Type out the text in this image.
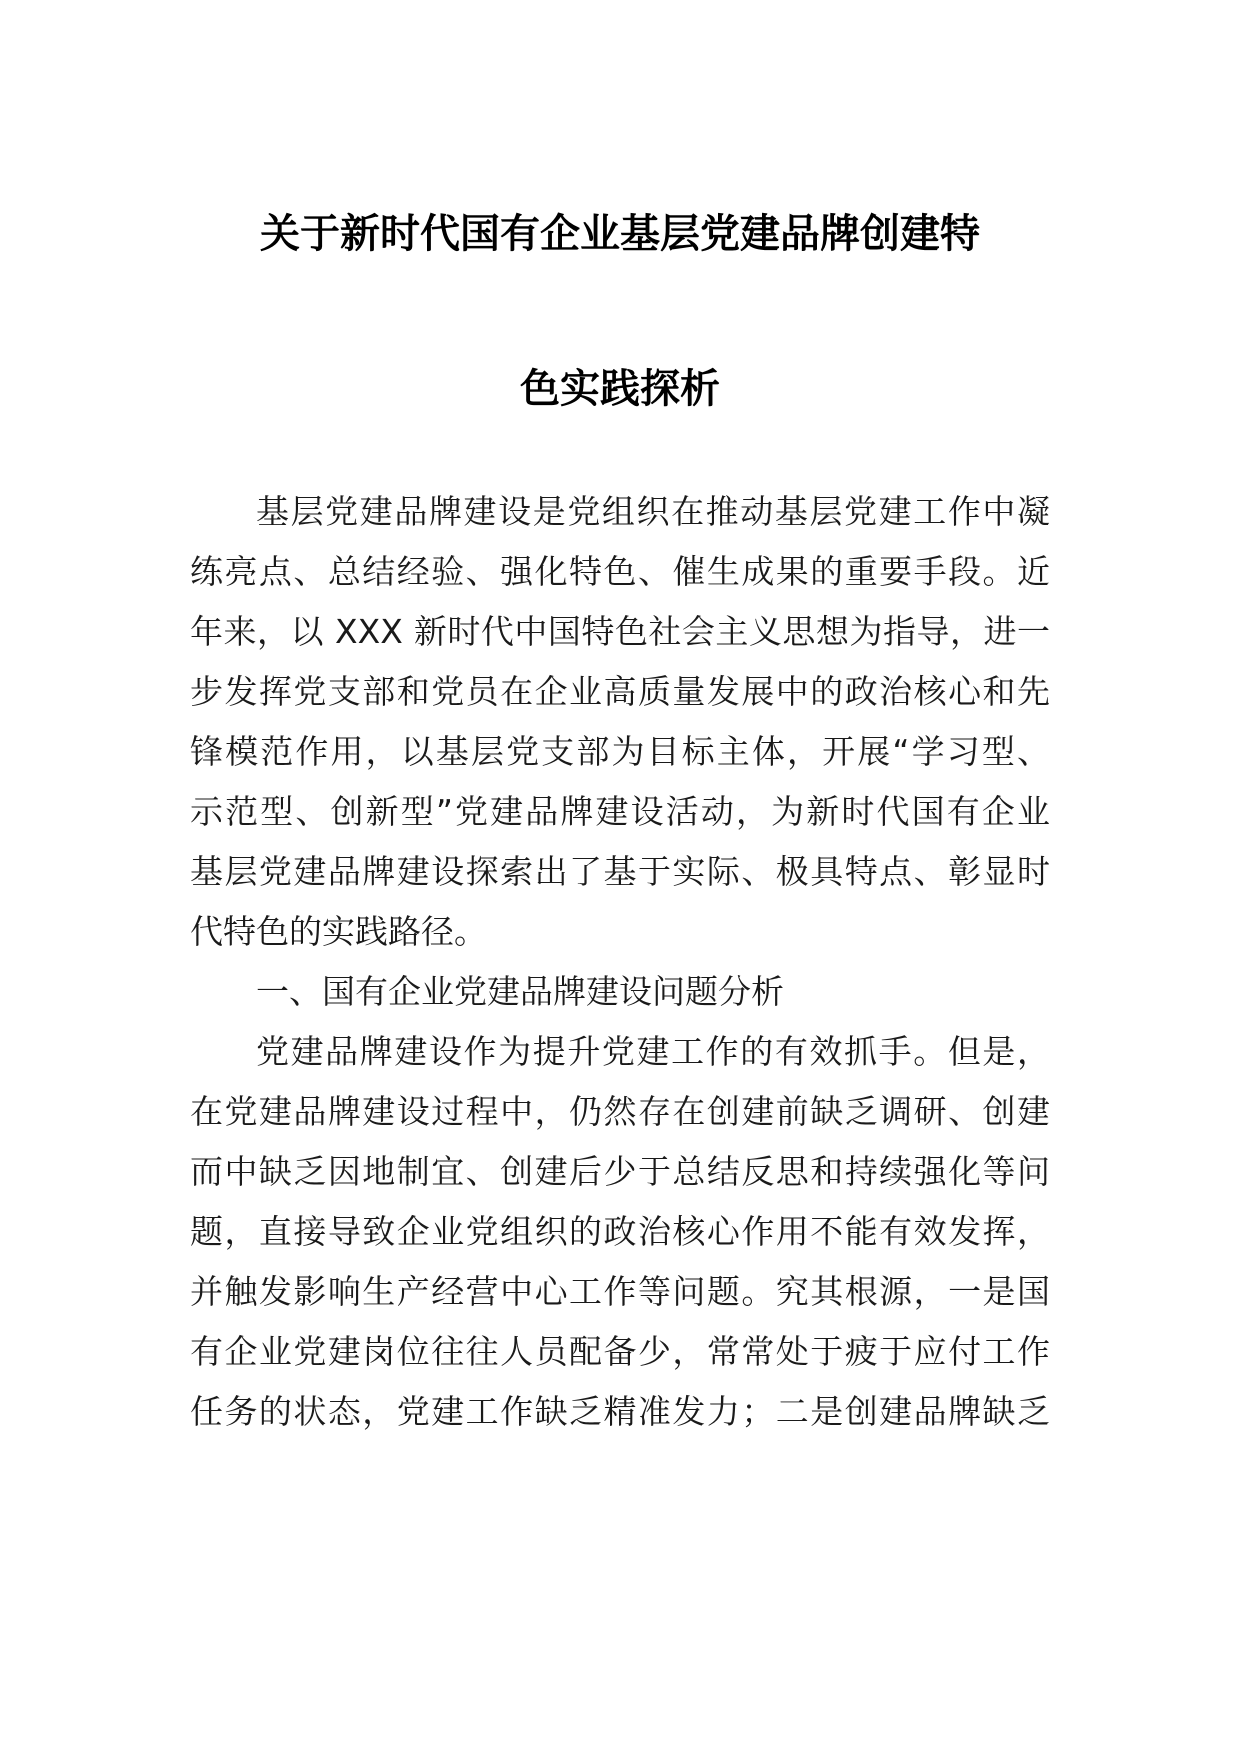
关于新时代国有企业基层党建品牌创建特
色实践探析
基层党建品牌建设是党组织在推动基层党建工作中凝
练亮点、总结经验、强化特色、催生成果的重要手段。近
年来，以 XXX 新时代中国特色社会主义思想为指导，进一
步发挥党支部和党员在企业高质量发展中的政治核心和先
锋模范作用，以基层党支部为目标主体，开展“学习型、
示范型、创新型”党建品牌建设活动，为新时代国有企业
基层党建品牌建设探索出了基于实际、极具特点、彰显时
代特色的实践路径。
一、国有企业党建品牌建设问题分析
党建品牌建设作为提升党建工作的有效抓手。但是，
在党建品牌建设过程中，仍然存在创建前缺乏调研、创建
而中缺乏因地制宜、创建后少于总结反思和持续强化等问
题，直接导致企业党组织的政治核心作用不能有效发挥，
并触发影响生产经营中心工作等问题。究其根源，一是国
有企业党建岗位往往人员配备少，常常处于疲于应付工作
任务的状态，党建工作缺乏精准发力；二是创建品牌缺乏
